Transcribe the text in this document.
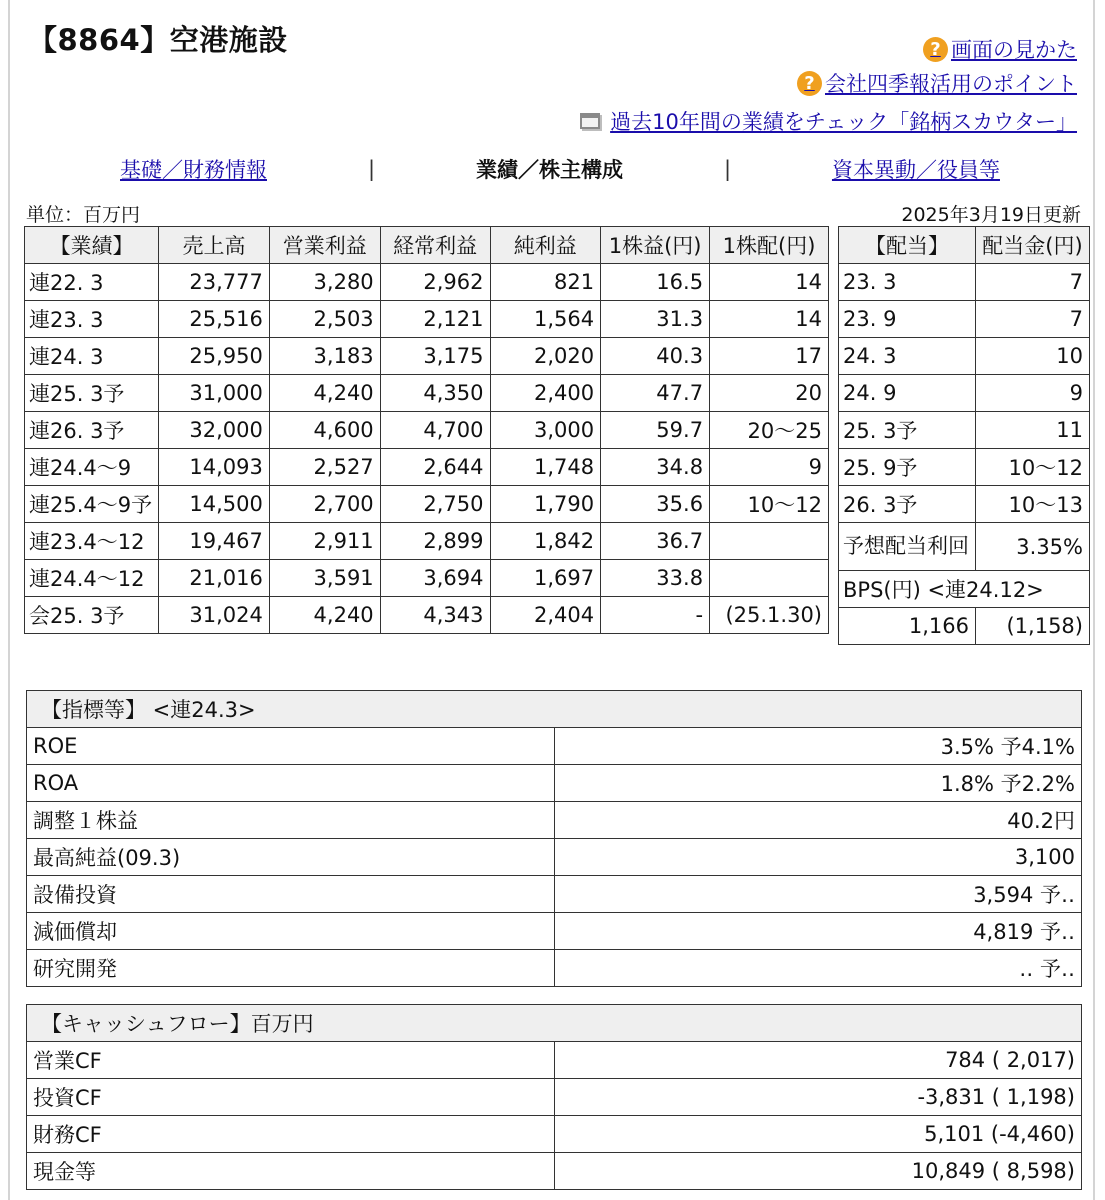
【8864】空港施設	? 画面の見かた
? 会社四季報活用のポイント
過去10年間の業績をチェック「銘柄スカウター」
基礎／財務情報	|	業績／株主構成	|	資本異動／役員等
単位：百万円	2025年3月19日更新
【業績】	売上高	営業利益	経常利益	純利益	1株益(円)	1株配(円)
連22. 3	23,777	3,280	2,962	821	16.5	14
連23. 3	25,516	2,503	2,121	1,564	31.3	14
連24. 3	25,950	3,183	3,175	2,020	40.3	17
連25. 3予	31,000	4,240	4,350	2,400	47.7	20
連26. 3予	32,000	4,600	4,700	3,000	59.7	20〜25
連24.4〜9	14,093	2,527	2,644	1,748	34.8	9
連25.4〜9予	14,500	2,700	2,750	1,790	35.6	10〜12
連23.4〜12	19,467	2,911	2,899	1,842	36.7	
連24.4〜12	21,016	3,591	3,694	1,697	33.8	
会25. 3予	31,024	4,240	4,343	2,404	-	(25.1.30)
【配当】	配当金(円)
23. 3	7
23. 9	7
24. 3	10
24. 9	9
25. 3予	11
25. 9予	10〜12
26. 3予	10〜13
予想配当利回	3.35%
BPS(円) <連24.12>	
1,166	(1,158)
【指標等】 <連24.3>	
ROE	3.5% 予4.1%
ROA	1.8% 予2.2%
調整１株益	40.2円
最高純益(09.3)	3,100
設備投資	3,594 予‥
減価償却	4,819 予‥
研究開発	‥ 予‥
【キャッシュフロー】百万円	
営業CF	784 ( 2,017)
投資CF	-3,831 ( 1,198)
財務CF	5,101 (-4,460)
現金等	10,849 ( 8,598)
